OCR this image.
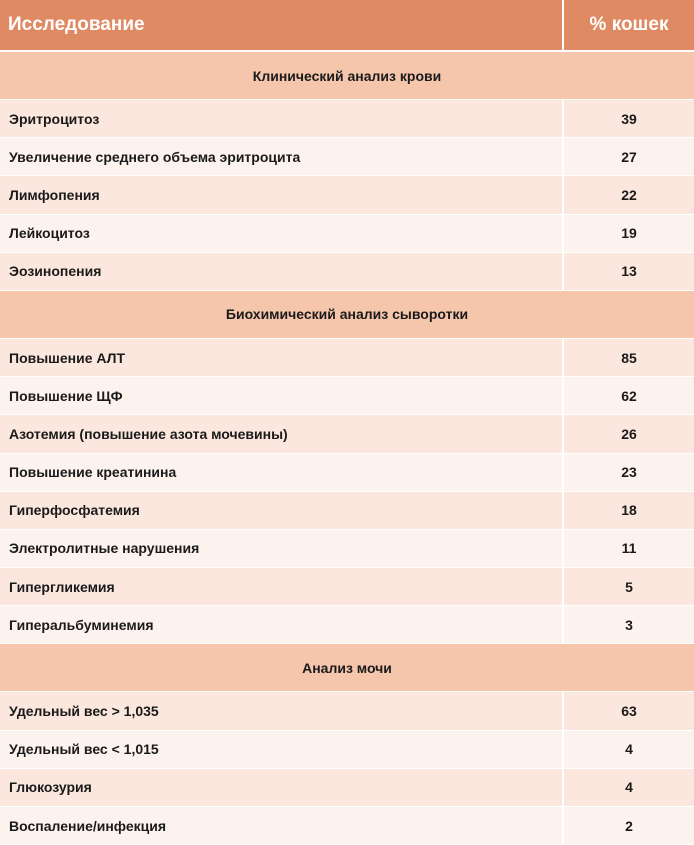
Исследование	% кошек
Клинический анализ крови
Эритроцитоз	39
Увеличение среднего объема эритроцита	27
Лимфопения	22
Лейкоцитоз	19
Эозинопения	13
Биохимический анализ сыворотки
Повышение АЛТ	85
Повышение ЩФ	62
Азотемия (повышение азота мочевины)	26
Повышение креатинина	23
Гиперфосфатемия	18
Электролитные нарушения	11
Гипергликемия	5
Гиперальбуминемия	3
Анализ мочи
Удельный вес > 1,035	63
Удельный вес < 1,015	4
Глюкозурия	4
Воспаление/инфекция	2
